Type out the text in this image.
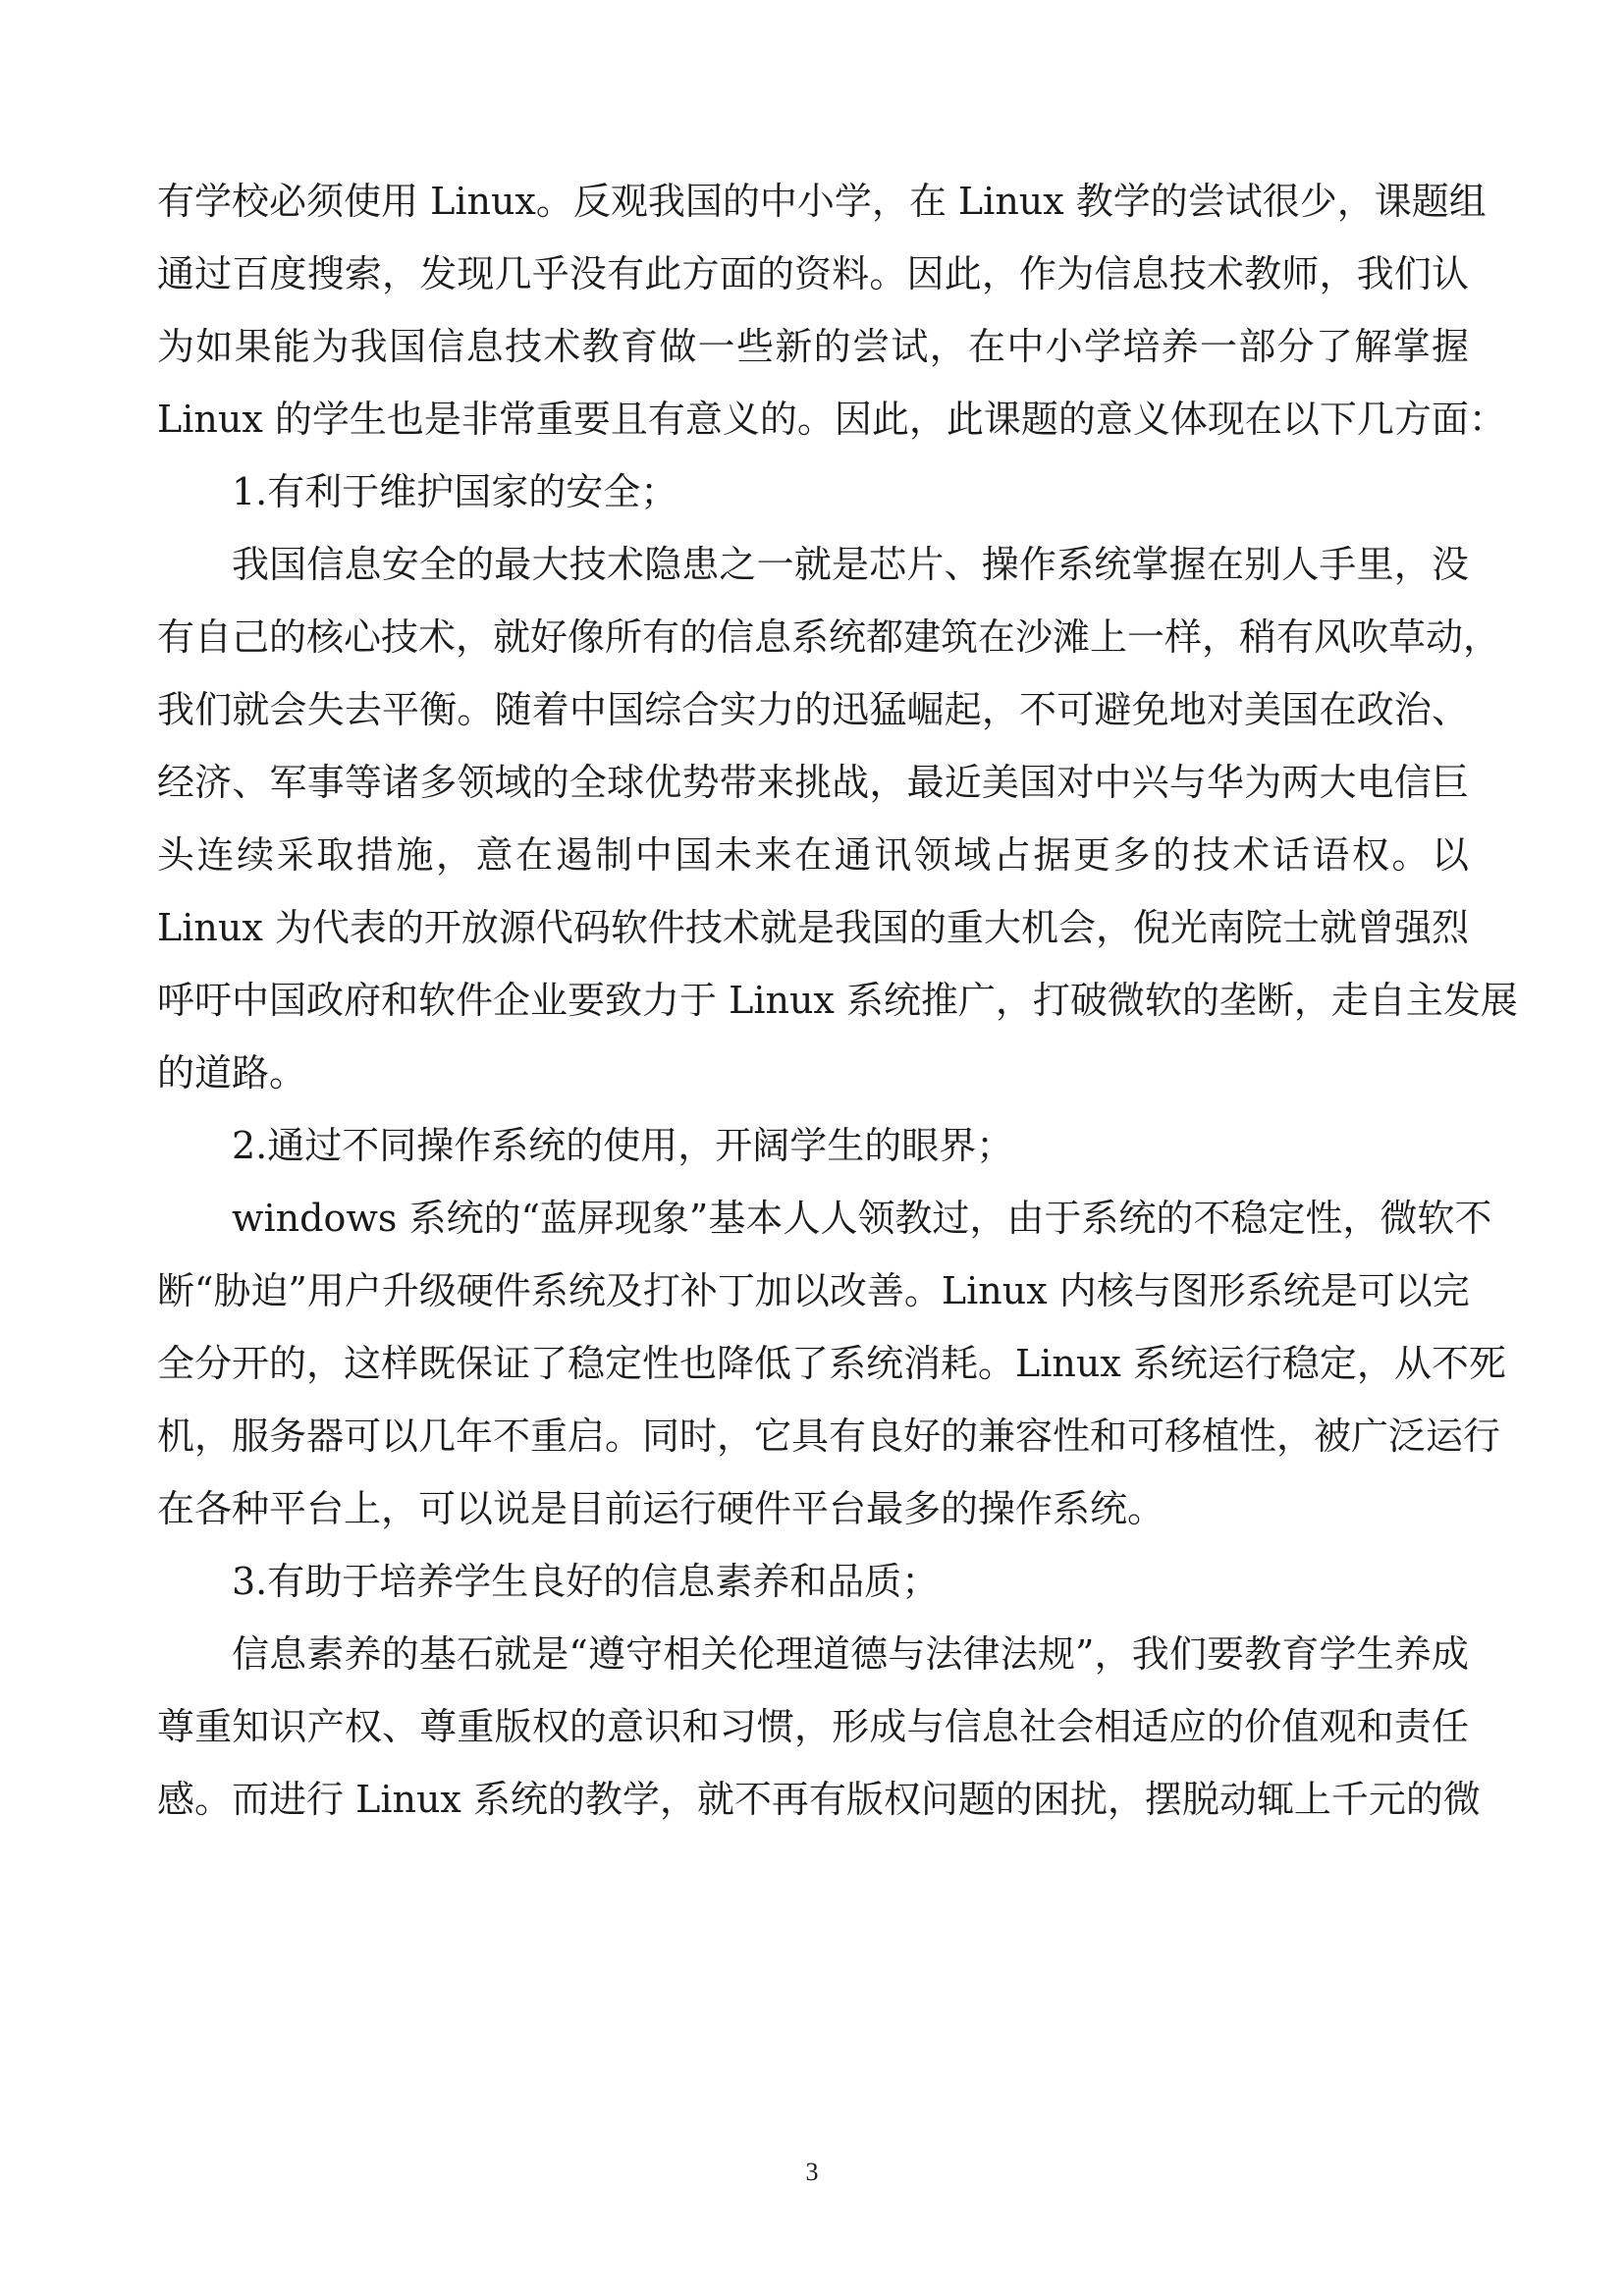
有学校必须使用 Linux。反观我国的中小学，在 Linux 教学的尝试很少，课题组
通过百度搜索，发现几乎没有此方面的资料。因此，作为信息技术教师，我们认
为如果能为我国信息技术教育做一些新的尝试，在中小学培养一部分了解掌握
Linux 的学生也是非常重要且有意义的。因此，此课题的意义体现在以下几方面：
1.有利于维护国家的安全；
我国信息安全的最大技术隐患之一就是芯片、操作系统掌握在别人手里，没
有自己的核心技术，就好像所有的信息系统都建筑在沙滩上一样，稍有风吹草动，
我们就会失去平衡。随着中国综合实力的迅猛崛起，不可避免地对美国在政治、
经济、军事等诸多领域的全球优势带来挑战，最近美国对中兴与华为两大电信巨
头连续采取措施，意在遏制中国未来在通讯领域占据更多的技术话语权。以
Linux 为代表的开放源代码软件技术就是我国的重大机会，倪光南院士就曾强烈
呼吁中国政府和软件企业要致力于 Linux 系统推广，打破微软的垄断，走自主发展
的道路。
2.通过不同操作系统的使用，开阔学生的眼界；
windows 系统的“蓝屏现象”基本人人领教过，由于系统的不稳定性，微软不
断“胁迫”用户升级硬件系统及打补丁加以改善。Linux 内核与图形系统是可以完
全分开的，这样既保证了稳定性也降低了系统消耗。Linux 系统运行稳定，从不死
机，服务器可以几年不重启。同时，它具有良好的兼容性和可移植性，被广泛运行
在各种平台上，可以说是目前运行硬件平台最多的操作系统。
3.有助于培养学生良好的信息素养和品质；
信息素养的基石就是“遵守相关伦理道德与法律法规”，我们要教育学生养成
尊重知识产权、尊重版权的意识和习惯，形成与信息社会相适应的价值观和责任
感。而进行 Linux 系统的教学，就不再有版权问题的困扰，摆脱动辄上千元的微
3
